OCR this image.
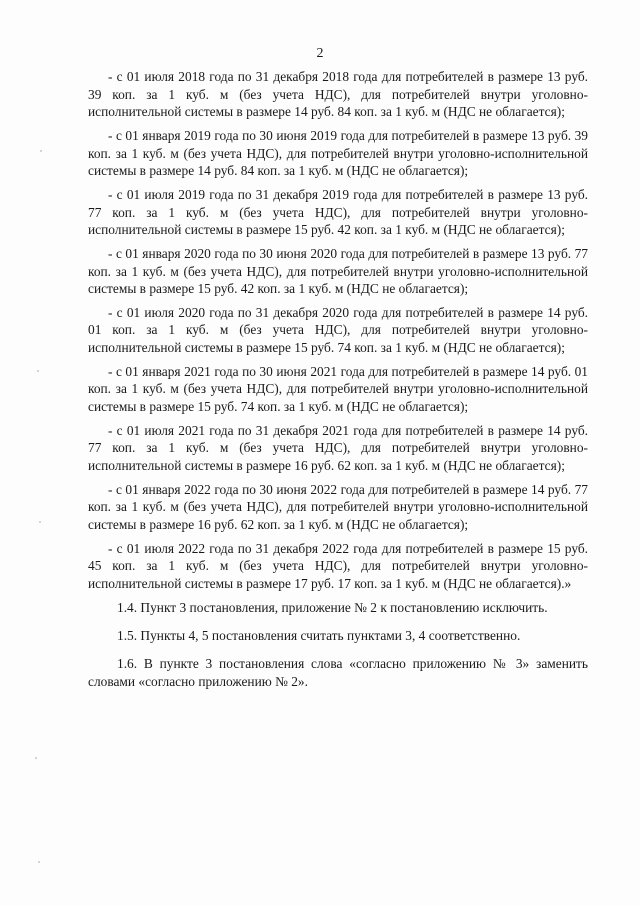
2

- с 01 июля 2018 года по 31 декабря 2018 года для потребителей в размере 13 руб. 39 коп. за 1 куб. м (без учета НДС), для потребителей внутри уголовно-исполнительной системы в размере 14 руб. 84 коп. за 1 куб. м (НДС не облагается);

- с 01 января 2019 года по 30 июня 2019 года для потребителей в размере 13 руб. 39 коп. за 1 куб. м (без учета НДС), для потребителей внутри уголовно-исполнительной системы в размере 14 руб. 84 коп. за 1 куб. м (НДС не облагается);

- с 01 июля 2019 года по 31 декабря 2019 года для потребителей в размере 13 руб. 77 коп. за 1 куб. м (без учета НДС), для потребителей внутри уголовно-исполнительной системы в размере 15 руб. 42 коп. за 1 куб. м (НДС не облагается);

- с 01 января 2020 года по 30 июня 2020 года для потребителей в размере 13 руб. 77 коп. за 1 куб. м (без учета НДС), для потребителей внутри уголовно-исполнительной системы в размере 15 руб. 42 коп. за 1 куб. м (НДС не облагается);

- с 01 июля 2020 года по 31 декабря 2020 года для потребителей в размере 14 руб. 01 коп. за 1 куб. м (без учета НДС), для потребителей внутри уголовно-исполнительной системы в размере 15 руб. 74 коп. за 1 куб. м (НДС не облагается);

- с 01 января 2021 года по 30 июня 2021 года для потребителей в размере 14 руб. 01 коп. за 1 куб. м (без учета НДС), для потребителей внутри уголовно-исполнительной системы в размере 15 руб. 74 коп. за 1 куб. м (НДС не облагается);

- с 01 июля 2021 года по 31 декабря 2021 года для потребителей в размере 14 руб. 77 коп. за 1 куб. м (без учета НДС), для потребителей внутри уголовно-исполнительной системы в размере 16 руб. 62 коп. за 1 куб. м (НДС не облагается);

- с 01 января 2022 года по 30 июня 2022 года для потребителей в размере 14 руб. 77 коп. за 1 куб. м (без учета НДС), для потребителей внутри уголовно-исполнительной системы в размере 16 руб. 62 коп. за 1 куб. м (НДС не облагается);

- с 01 июля 2022 года по 31 декабря 2022 года для потребителей в размере 15 руб. 45 коп. за 1 куб. м (без учета НДС), для потребителей внутри уголовно-исполнительной системы в размере 17 руб. 17 коп. за 1 куб. м (НДС не облагается).»

1.4. Пункт 3 постановления, приложение № 2 к постановлению исключить.

1.5. Пункты 4, 5 постановления считать пунктами 3, 4 соответственно.

1.6. В пункте 3 постановления слова «согласно приложению № 3» заменить словами «согласно приложению № 2».
